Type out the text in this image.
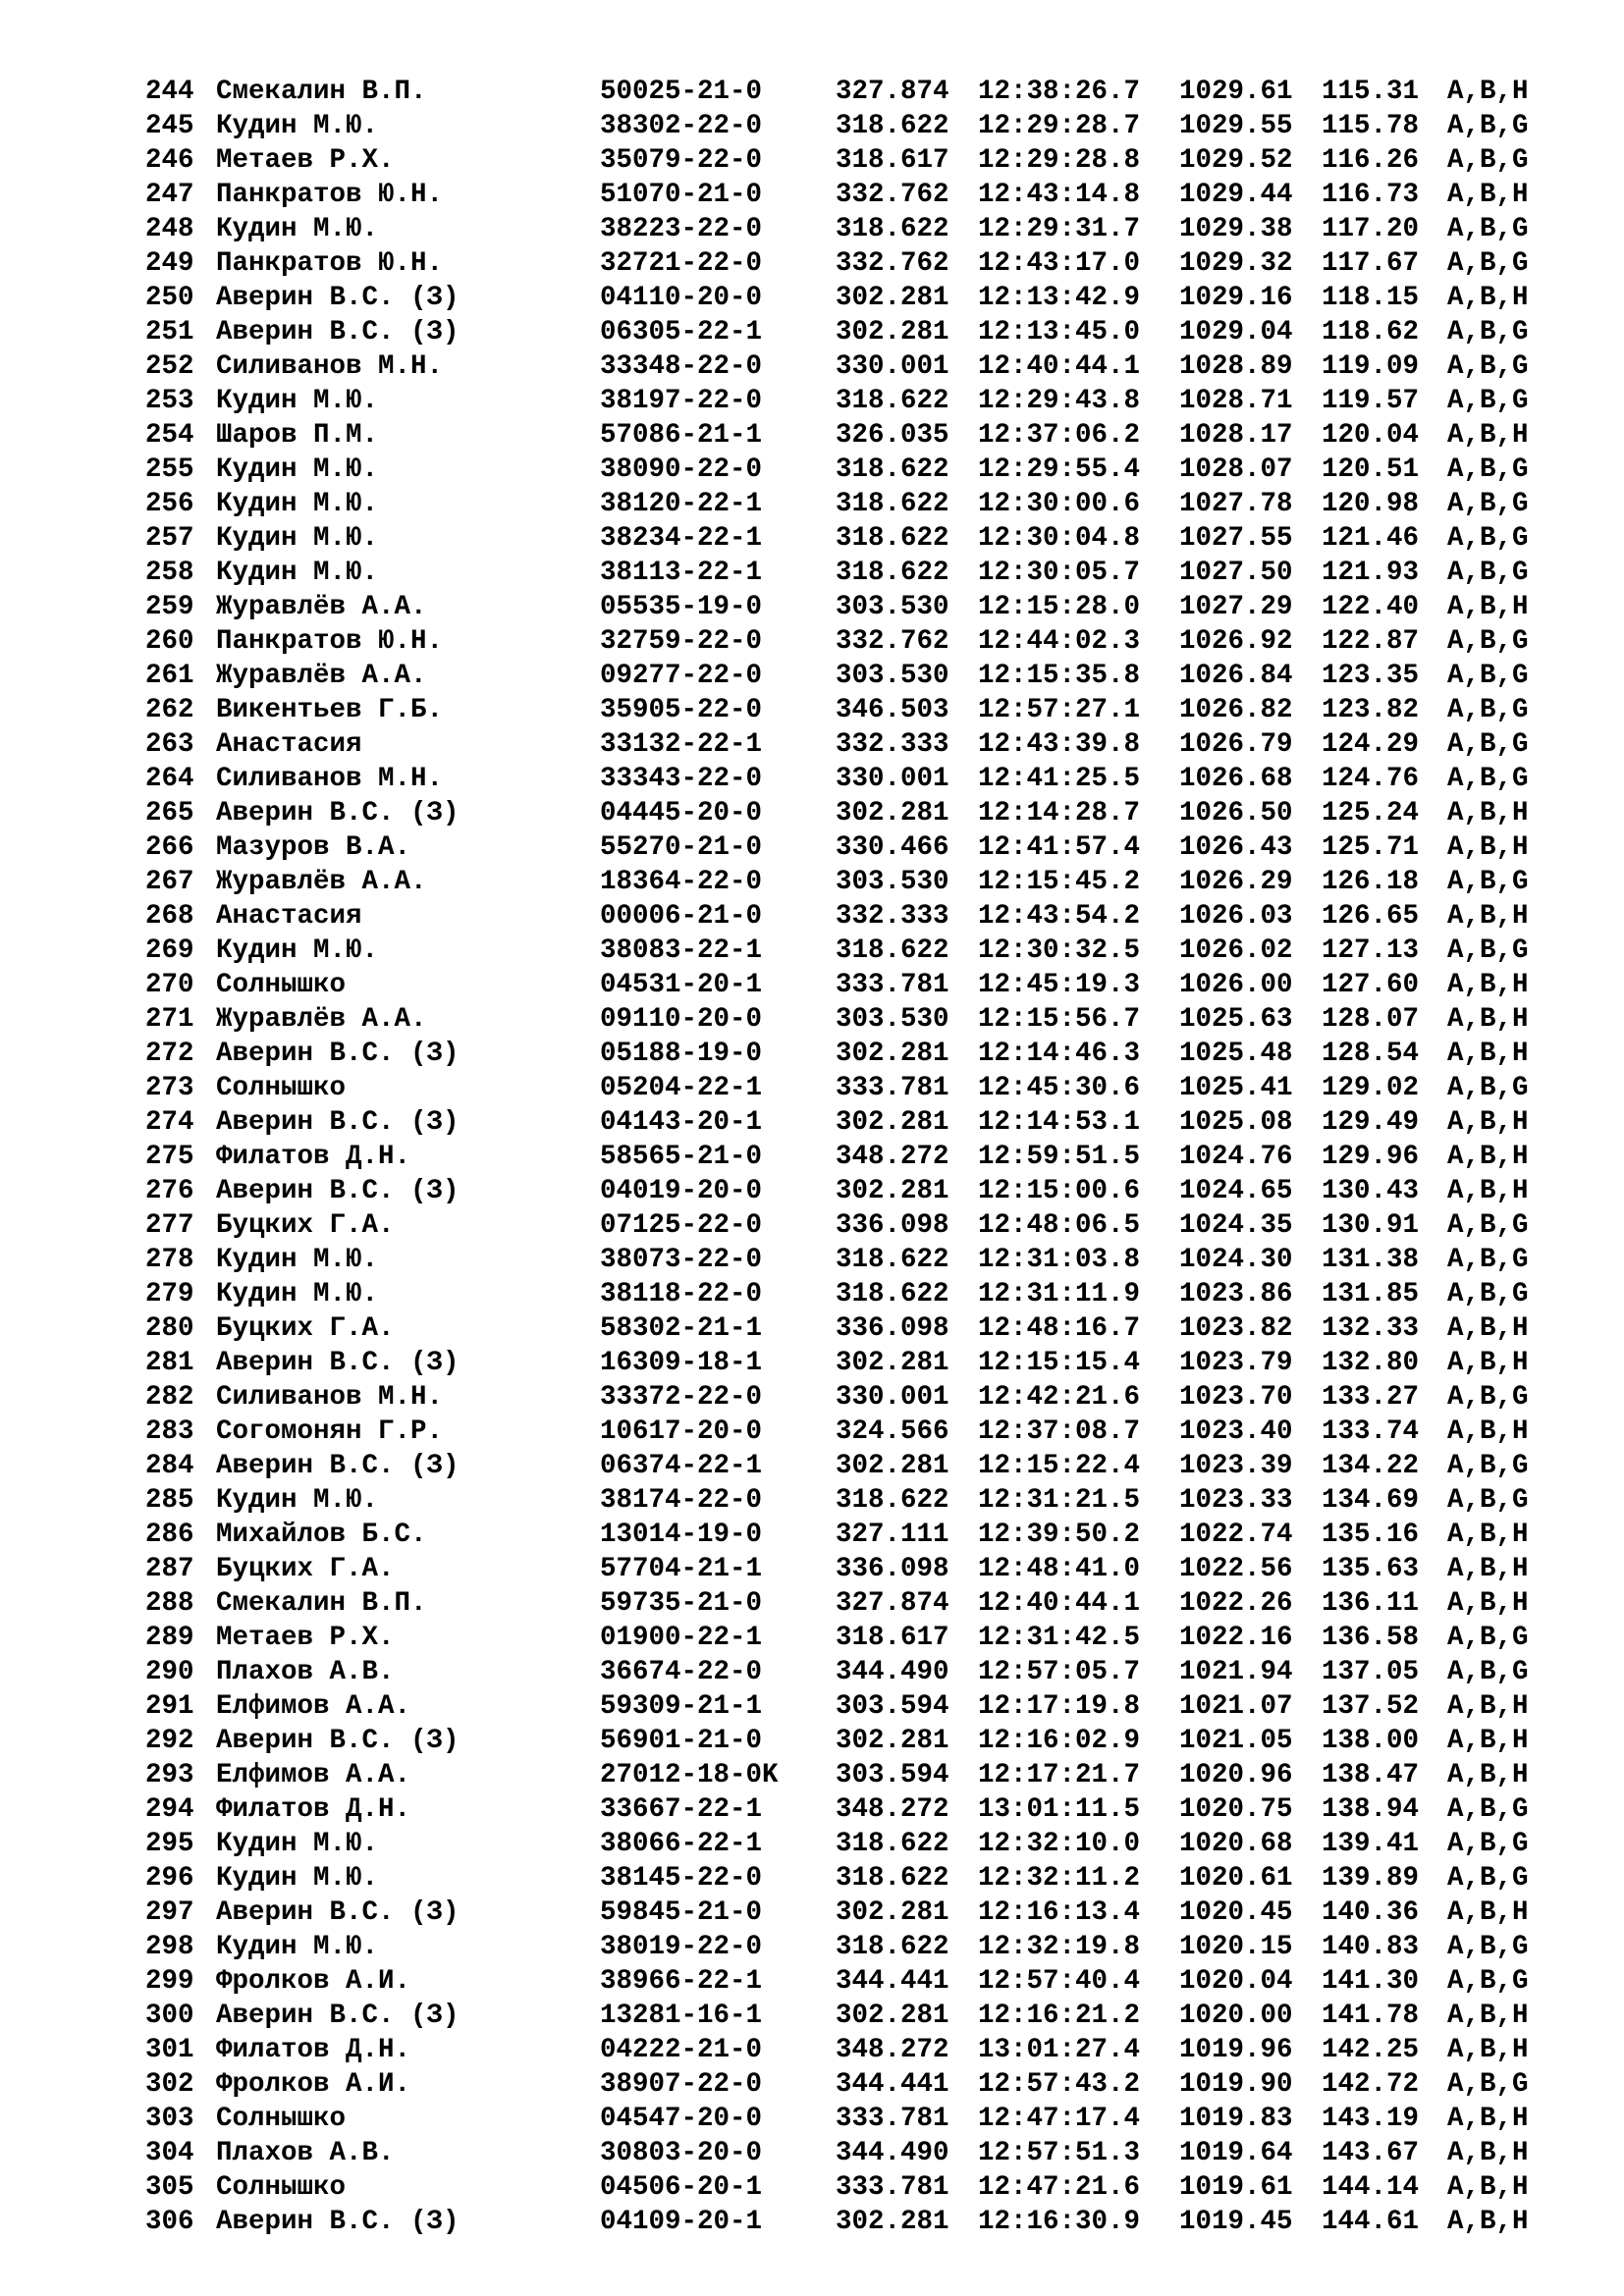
244 Смекалин В.П.	50025-21-0	327.874 12:38:26.7 1029.61 115.31 A,B,H
245 Кудин М.Ю.	38302-22-0	318.622 12:29:28.7 1029.55 115.78 A,B,G
246 Метаев Р.Х.	35079-22-0	318.617 12:29:28.8 1029.52 116.26 A,B,G
247 Панкратов Ю.Н.	51070-21-0	332.762 12:43:14.8 1029.44 116.73 A,B,H
248 Кудин М.Ю.	38223-22-0	318.622 12:29:31.7 1029.38 117.20 A,B,G
249 Панкратов Ю.Н.	32721-22-0	332.762 12:43:17.0 1029.32 117.67 A,B,G
250 Аверин В.С. (З)	04110-20-0	302.281 12:13:42.9 1029.16 118.15 A,B,H
251 Аверин В.С. (З)	06305-22-1	302.281 12:13:45.0 1029.04 118.62 A,B,G
252 Силиванов М.Н.	33348-22-0	330.001 12:40:44.1 1028.89 119.09 A,B,G
253 Кудин М.Ю.	38197-22-0	318.622 12:29:43.8 1028.71 119.57 A,B,G
254 Шаров П.М.	57086-21-1	326.035 12:37:06.2 1028.17 120.04 A,B,H
255 Кудин М.Ю.	38090-22-0	318.622 12:29:55.4 1028.07 120.51 A,B,G
256 Кудин М.Ю.	38120-22-1	318.622 12:30:00.6 1027.78 120.98 A,B,G
257 Кудин М.Ю.	38234-22-1	318.622 12:30:04.8 1027.55 121.46 A,B,G
258 Кудин М.Ю.	38113-22-1	318.622 12:30:05.7 1027.50 121.93 A,B,G
259 Журавлёв А.А.	05535-19-0	303.530 12:15:28.0 1027.29 122.40 A,B,H
260 Панкратов Ю.Н.	32759-22-0	332.762 12:44:02.3 1026.92 122.87 A,B,G
261 Журавлёв А.А.	09277-22-0	303.530 12:15:35.8 1026.84 123.35 A,B,G
262 Викентьев Г.Б.	35905-22-0	346.503 12:57:27.1 1026.82 123.82 A,B,G
263 Анастасия	33132-22-1	332.333 12:43:39.8 1026.79 124.29 A,B,G
264 Силиванов М.Н.	33343-22-0	330.001 12:41:25.5 1026.68 124.76 A,B,G
265 Аверин В.С. (З)	04445-20-0	302.281 12:14:28.7 1026.50 125.24 A,B,H
266 Мазуров В.А.	55270-21-0	330.466 12:41:57.4 1026.43 125.71 A,B,H
267 Журавлёв А.А.	18364-22-0	303.530 12:15:45.2 1026.29 126.18 A,B,G
268 Анастасия	00006-21-0	332.333 12:43:54.2 1026.03 126.65 A,B,H
269 Кудин М.Ю.	38083-22-1	318.622 12:30:32.5 1026.02 127.13 A,B,G
270 Солнышко	04531-20-1	333.781 12:45:19.3 1026.00 127.60 A,B,H
271 Журавлёв А.А.	09110-20-0	303.530 12:15:56.7 1025.63 128.07 A,B,H
272 Аверин В.С. (З)	05188-19-0	302.281 12:14:46.3 1025.48 128.54 A,B,H
273 Солнышко	05204-22-1	333.781 12:45:30.6 1025.41 129.02 A,B,G
274 Аверин В.С. (З)	04143-20-1	302.281 12:14:53.1 1025.08 129.49 A,B,H
275 Филатов Д.Н.	58565-21-0	348.272 12:59:51.5 1024.76 129.96 A,B,H
276 Аверин В.С. (З)	04019-20-0	302.281 12:15:00.6 1024.65 130.43 A,B,H
277 Буцких Г.А.	07125-22-0	336.098 12:48:06.5 1024.35 130.91 A,B,G
278 Кудин М.Ю.	38073-22-0	318.622 12:31:03.8 1024.30 131.38 A,B,G
279 Кудин М.Ю.	38118-22-0	318.622 12:31:11.9 1023.86 131.85 A,B,G
280 Буцких Г.А.	58302-21-1	336.098 12:48:16.7 1023.82 132.33 A,B,H
281 Аверин В.С. (З)	16309-18-1	302.281 12:15:15.4 1023.79 132.80 A,B,H
282 Силиванов М.Н.	33372-22-0	330.001 12:42:21.6 1023.70 133.27 A,B,G
283 Согомонян Г.Р.	10617-20-0	324.566 12:37:08.7 1023.40 133.74 A,B,H
284 Аверин В.С. (З)	06374-22-1	302.281 12:15:22.4 1023.39 134.22 A,B,G
285 Кудин М.Ю.	38174-22-0	318.622 12:31:21.5 1023.33 134.69 A,B,G
286 Михайлов Б.С.	13014-19-0	327.111 12:39:50.2 1022.74 135.16 A,B,H
287 Буцких Г.А.	57704-21-1	336.098 12:48:41.0 1022.56 135.63 A,B,H
288 Смекалин В.П.	59735-21-0	327.874 12:40:44.1 1022.26 136.11 A,B,H
289 Метаев Р.Х.	01900-22-1	318.617 12:31:42.5 1022.16 136.58 A,B,G
290 Плахов А.В.	36674-22-0	344.490 12:57:05.7 1021.94 137.05 A,B,G
291 Елфимов А.А.	59309-21-1	303.594 12:17:19.8 1021.07 137.52 A,B,H
292 Аверин В.С. (З)	56901-21-0	302.281 12:16:02.9 1021.05 138.00 A,B,H
293 Елфимов А.А.	27012-18-0K 303.594 12:17:21.7 1020.96 138.47 A,B,H
294 Филатов Д.Н.	33667-22-1	348.272 13:01:11.5 1020.75 138.94 A,B,G
295 Кудин М.Ю.	38066-22-1	318.622 12:32:10.0 1020.68 139.41 A,B,G
296 Кудин М.Ю.	38145-22-0	318.622 12:32:11.2 1020.61 139.89 A,B,G
297 Аверин В.С. (З)	59845-21-0	302.281 12:16:13.4 1020.45 140.36 A,B,H
298 Кудин М.Ю.	38019-22-0	318.622 12:32:19.8 1020.15 140.83 A,B,G
299 Фролков А.И.	38966-22-1	344.441 12:57:40.4 1020.04 141.30 A,B,G
300 Аверин В.С. (З)	13281-16-1	302.281 12:16:21.2 1020.00 141.78 A,B,H
301 Филатов Д.Н.	04222-21-0	348.272 13:01:27.4 1019.96 142.25 A,B,H
302 Фролков А.И.	38907-22-0	344.441 12:57:43.2 1019.90 142.72 A,B,G
303 Солнышко	04547-20-0	333.781 12:47:17.4 1019.83 143.19 A,B,H
304 Плахов А.В.	30803-20-0	344.490 12:57:51.3 1019.64 143.67 A,B,H
305 Солнышко	04506-20-1	333.781 12:47:21.6 1019.61 144.14 A,B,H
306 Аверин В.С. (З)	04109-20-1	302.281 12:16:30.9 1019.45 144.61 A,B,H
